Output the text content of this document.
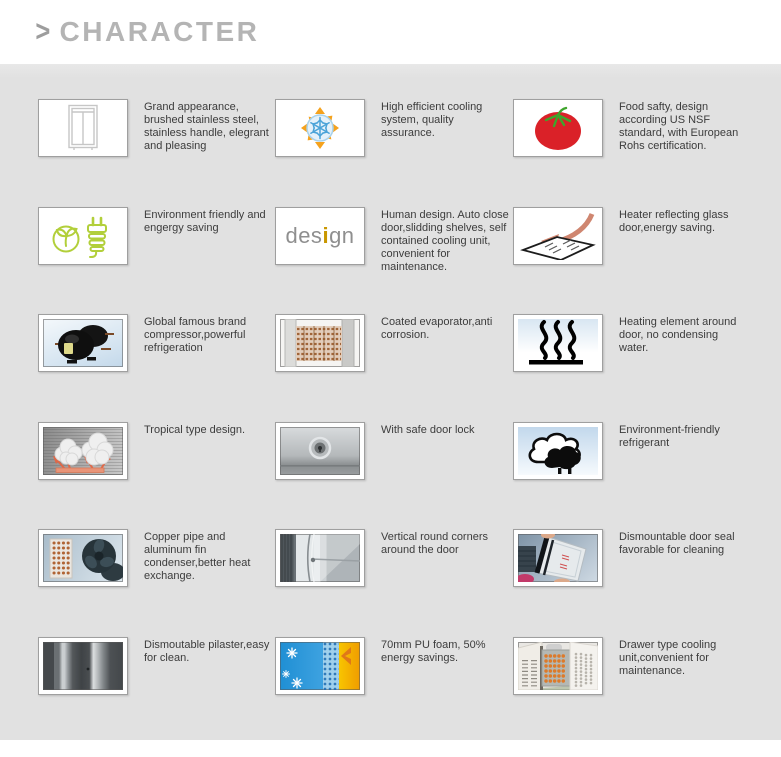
> CHARACTER
Grand appearance, brushed stainless steel, stainless handle, elegrant and pleasing
High efficient cooling system, quality assurance.
Food safty, design according US NSF standard, with European Rohs certification.
Environment friendly and engergy saving	design
Human design. Auto close door,slidding shelves, self contained cooling unit, convenient for maintenance.
Heater reflecting glass door,energy saving.
Global famous brand compressor,powerful refrigeration
Coated evaporator,anti corrosion.
Heating element around door, no condensing water.
Tropical type design.	With safe door lock	Environment-friendly refrigerant
Copper pipe and aluminum fin condenser,better heat exchange.
Vertical round corners around the door
Dismountable door seal favorable for cleaning
Dismoutable pilaster,easy for clean.
70mm PU foam, 50% energy savings.
Drawer type cooling unit,convenient for maintenance.
